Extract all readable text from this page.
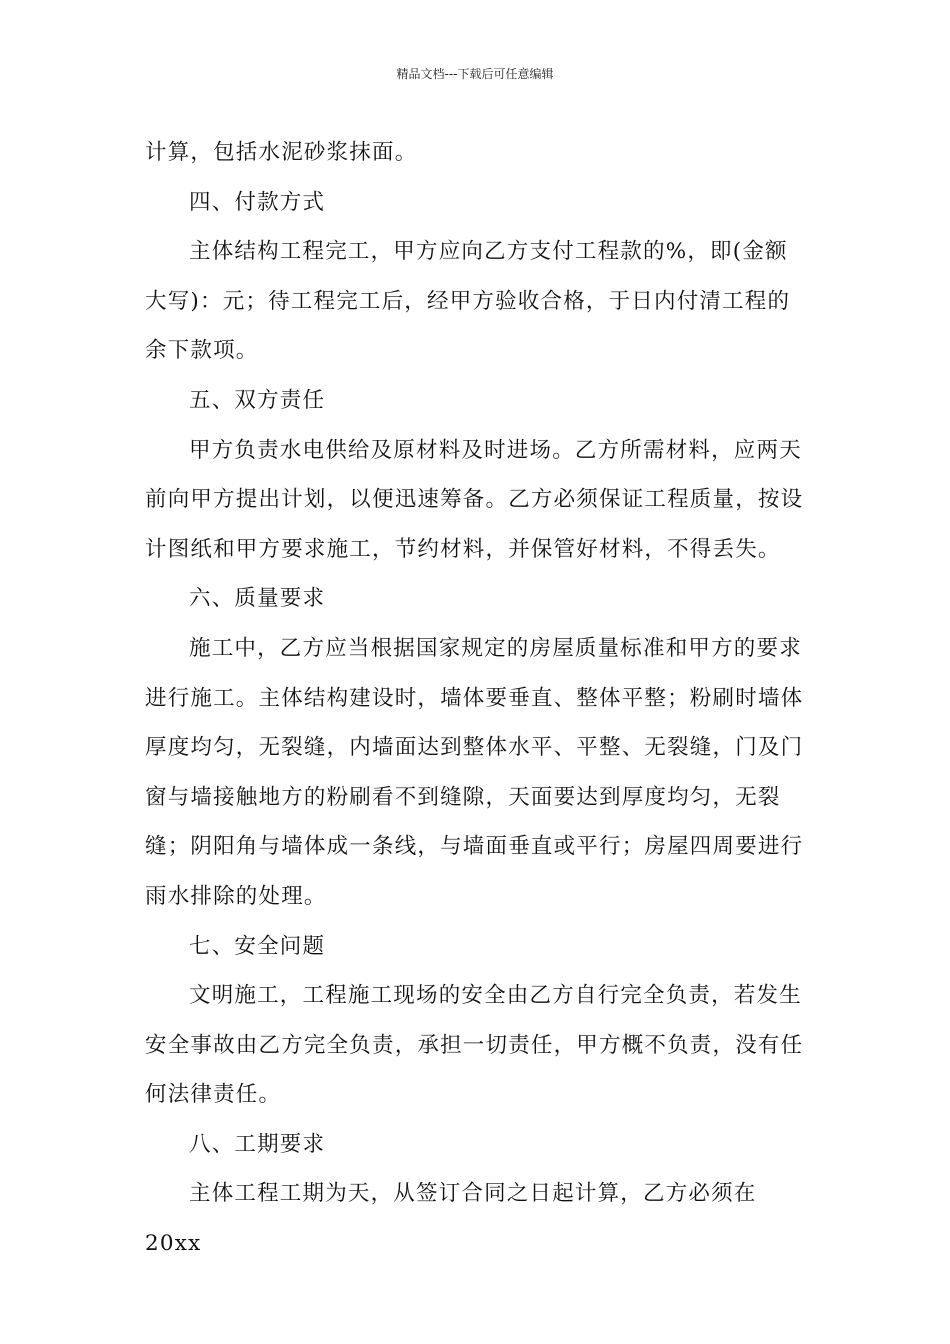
精品文档---下载后可任意编辑

计算，包括水泥砂浆抹面。

四、付款方式

主体结构工程完工，甲方应向乙方支付工程款的%，即(金额大写)：元；待工程完工后，经甲方验收合格，于日内付清工程的余下款项。

五、双方责任

甲方负责水电供给及原材料及时进场。乙方所需材料，应两天前向甲方提出计划，以便迅速筹备。乙方必须保证工程质量，按设计图纸和甲方要求施工，节约材料，并保管好材料，不得丢失。

六、质量要求

施工中，乙方应当根据国家规定的房屋质量标准和甲方的要求进行施工。主体结构建设时，墙体要垂直、整体平整；粉刷时墙体厚度均匀，无裂缝，内墙面达到整体水平、平整、无裂缝，门及门窗与墙接触地方的粉刷看不到缝隙，天面要达到厚度均匀，无裂缝；阴阳角与墙体成一条线，与墙面垂直或平行；房屋四周要进行雨水排除的处理。

七、安全问题

文明施工，工程施工现场的安全由乙方自行完全负责，若发生安全事故由乙方完全负责，承担一切责任，甲方概不负责，没有任何法律责任。

八、工期要求

主体工程工期为天，从签订合同之日起计算，乙方必须在20xx
